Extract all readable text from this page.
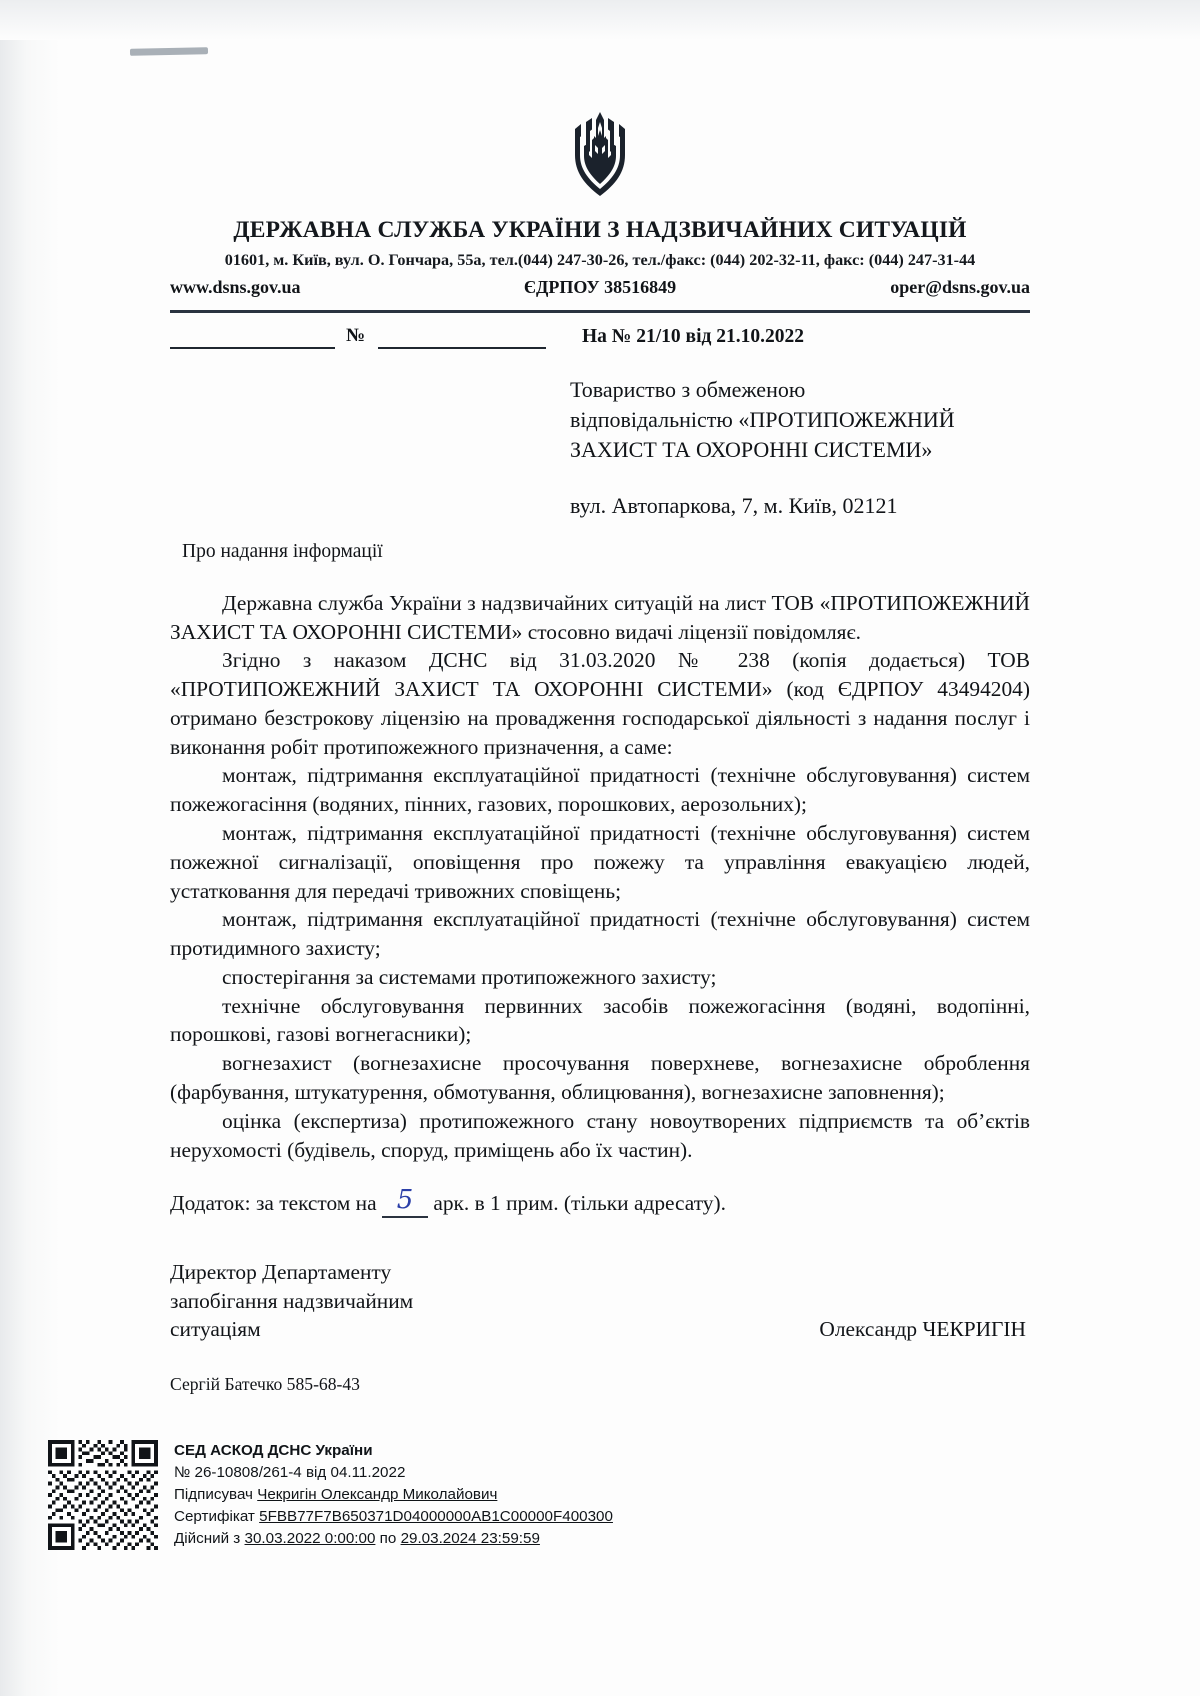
ДЕРЖАВНА СЛУЖБА УКРАЇНИ З НАДЗВИЧАЙНИХ СИТУАЦІЙ
01601, м. Київ, вул. О. Гончара, 55а, тел.(044) 247-30-26, тел./факс: (044) 202-32-11, факс: (044) 247-31-44
www.dsns.gov.ua	ЄДРПОУ 38516849	oper@dsns.gov.ua
№	На № 21/10 від 21.10.2022
Товариство з обмеженою
відповідальністю «ПРОТИПОЖЕЖНИЙ
ЗАХИСТ ТА ОХОРОННІ СИСТЕМИ»
вул. Автопаркова, 7, м. Київ, 02121
Про надання інформації

Державна служба України з надзвичайних ситуацій на лист ТОВ «ПРОТИПОЖЕЖНИЙ ЗАХИСТ ТА ОХОРОННІ СИСТЕМИ» стосовно видачі ліцензії повідомляє.

Згідно з наказом ДСНС від 31.03.2020 № 238 (копія додається) ТОВ «ПРОТИПОЖЕЖНИЙ ЗАХИСТ ТА ОХОРОННІ СИСТЕМИ» (код ЄДРПОУ 43494204) отримано безстрокову ліцензію на провадження господарської діяльності з надання послуг і виконання робіт протипожежного призначення, а саме:

монтаж, підтримання експлуатаційної придатності (технічне обслуговування) систем пожежогасіння (водяних, пінних, газових, порошкових, аерозольних);

монтаж, підтримання експлуатаційної придатності (технічне обслуговування) систем пожежної сигналізації, оповіщення про пожежу та управління евакуацією людей, устатковання для передачі тривожних сповіщень;

монтаж, підтримання експлуатаційної придатності (технічне обслуговування) систем протидимного захисту;

спостерігання за системами протипожежного захисту;

технічне обслуговування первинних засобів пожежогасіння (водяні, водопінні, порошкові, газові вогнегасники);

вогнезахист (вогнезахисне просочування поверхневе, вогнезахисне оброблення (фарбування, штукатурення, обмотування, облицювання), вогнезахисне заповнення);

оцінка (експертиза) протипожежного стану новоутворених підприємств та об’єктів нерухомості (будівель, споруд, приміщень або їх частин).

Додаток: за текстом на 5 арк. в 1 прим. (тільки адресату).
Директор Департаменту
запобігання надзвичайним
ситуаціям	Олександр ЧЕКРИГІН
Сергій Батечко 585-68-43
СЕД АСКОД ДСНС України
№ 26-10808/261-4 від 04.11.2022
Підписувач Чекригін Олександр Миколайович
Сертифікат 5FBB77F7B650371D04000000AB1C00000F400300
Дійсний з 30.03.2022 0:00:00 по 29.03.2024 23:59:59
